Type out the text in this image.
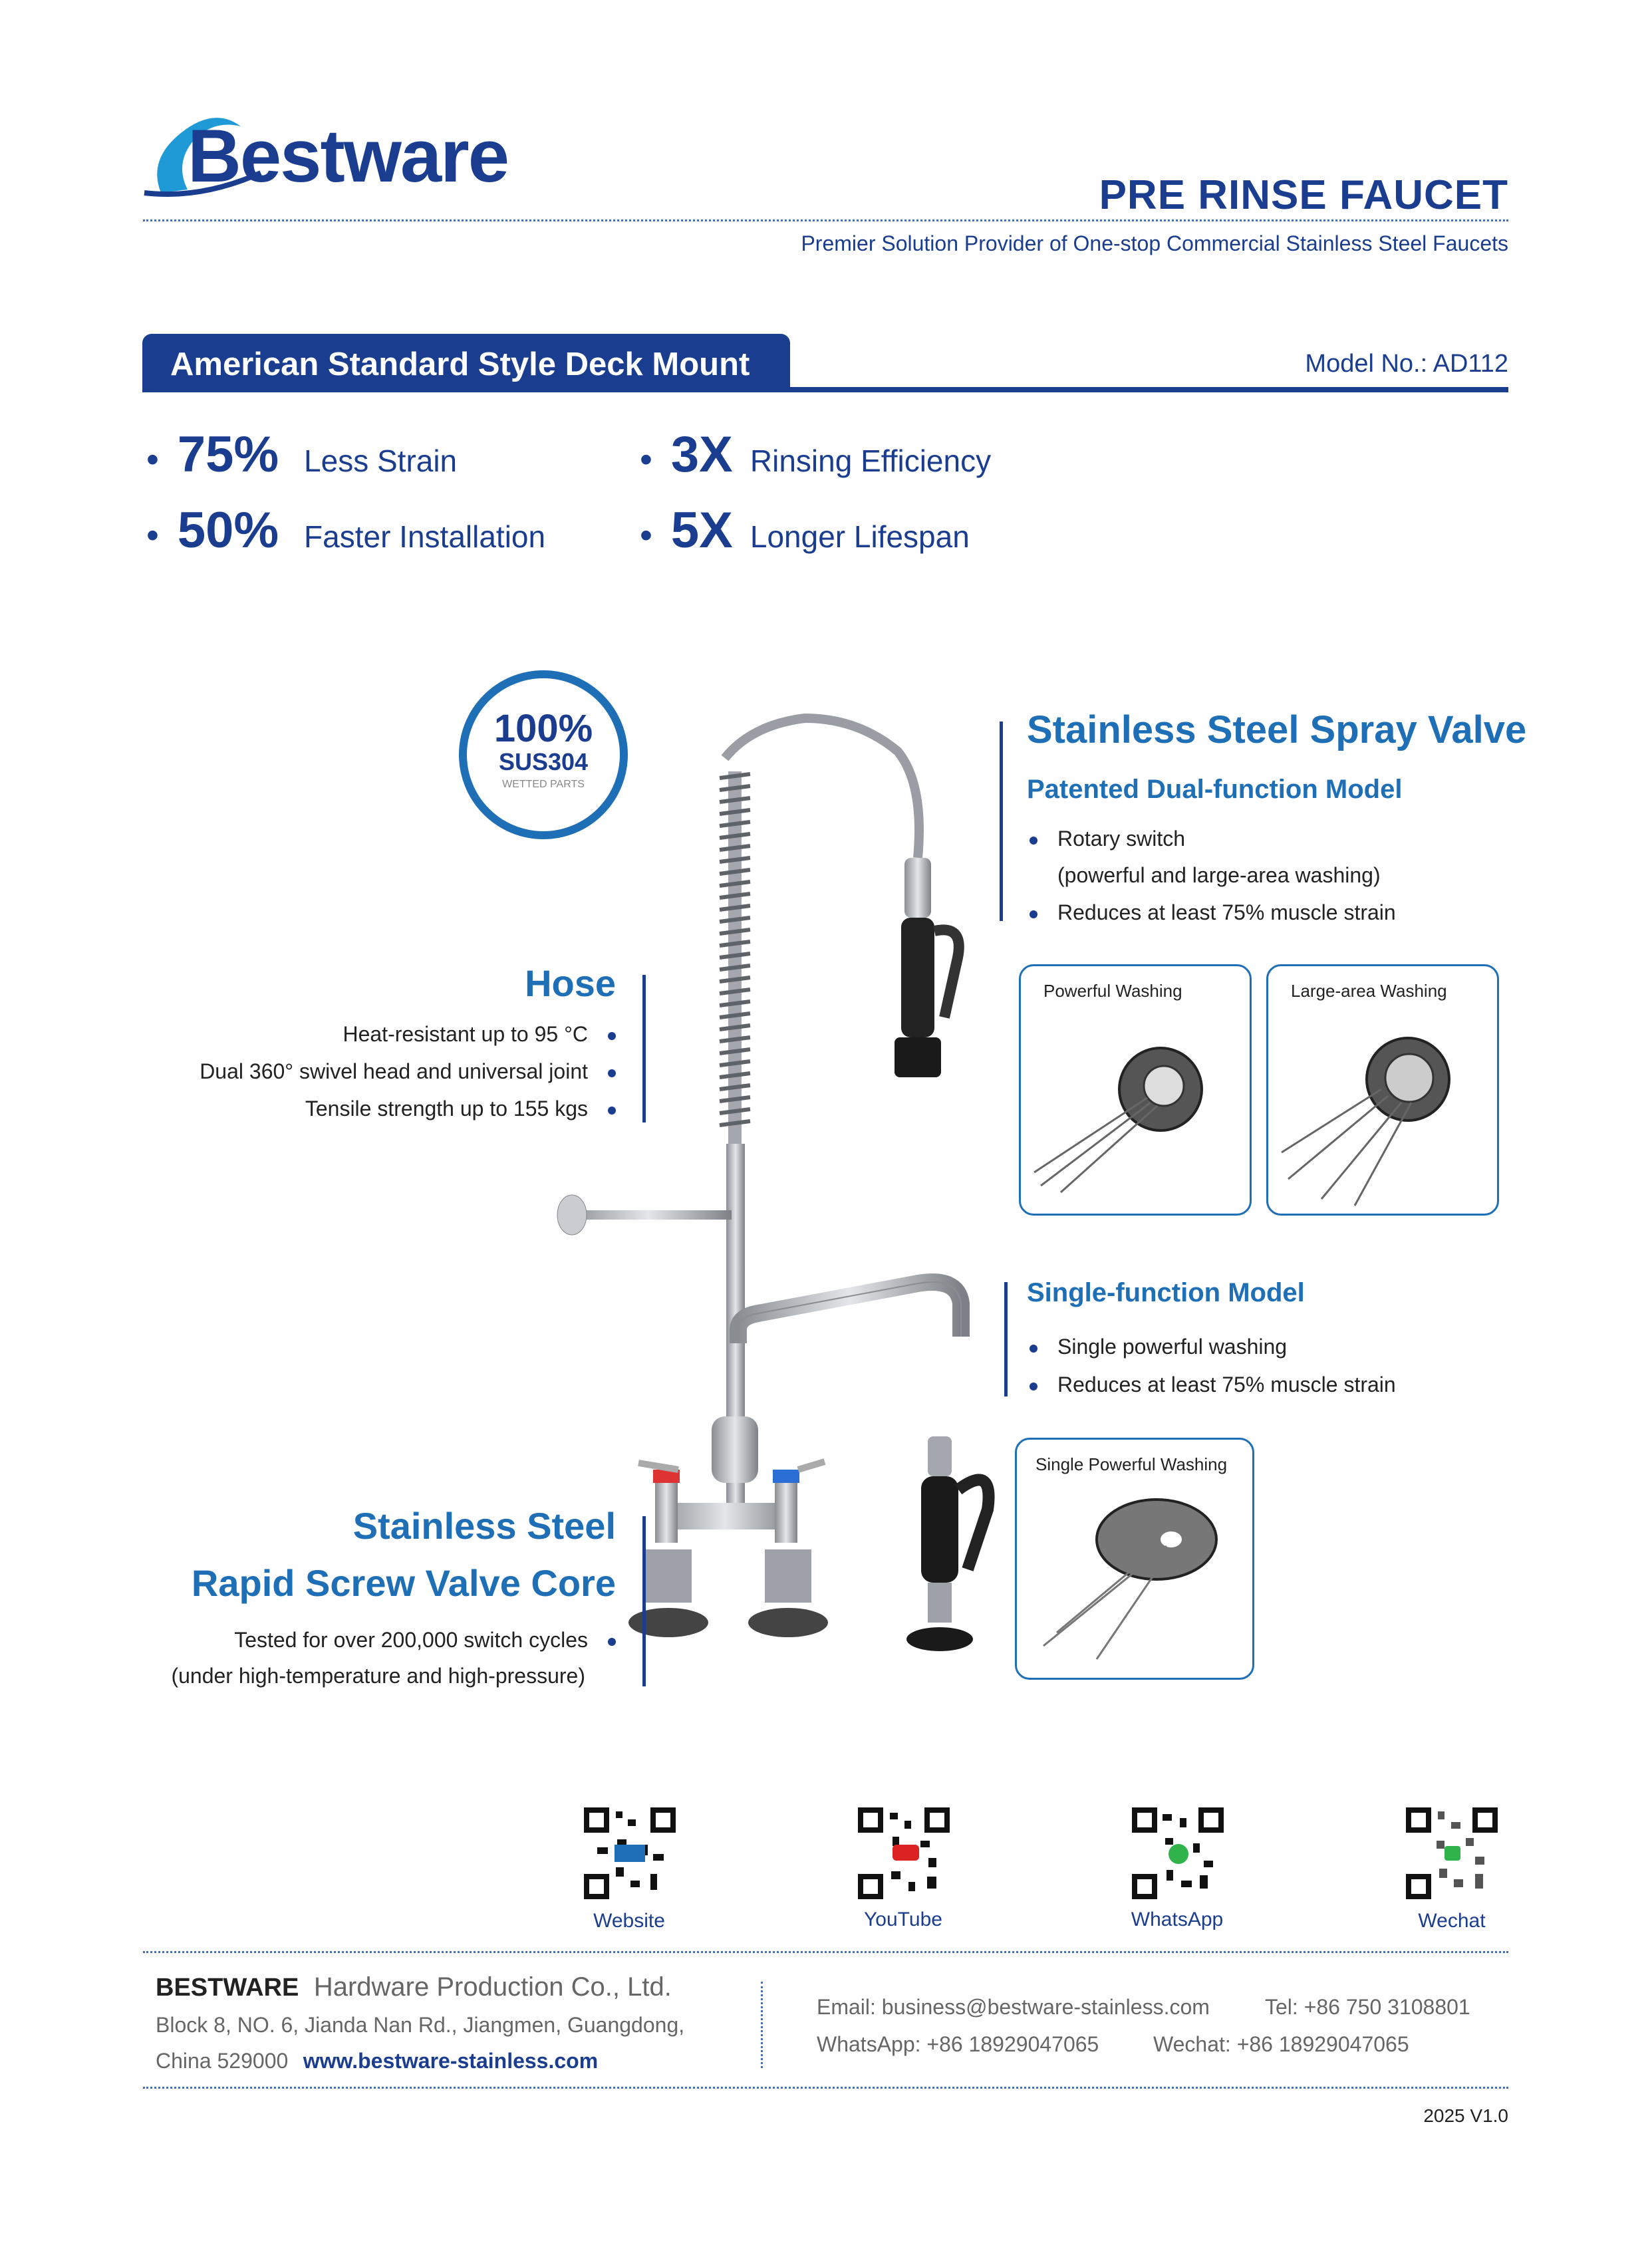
Bestware	PRE RINSE FAUCET
Premier Solution Provider of One-stop Commercial Stainless Steel Faucets
American Standard Style Deck Mount	Model No.: AD112
• 75% Less Strain	• 3X Rinsing Efficiency
• 50% Faster Installation	• 5X Longer Lifespan
100%
SUS304
WETTED PARTS
Stainless Steel Spray Valve
Patented Dual-function Model
Rotary switch
(powerful and large-area washing)
Reduces at least 75% muscle strain
Powerful Washing	Large-area Washing
Hose
Heat-resistant up to 95 °C
Dual 360° swivel head and universal joint
Tensile strength up to 155 kgs
Single-function Model
Single powerful washing
Reduces at least 75% muscle strain
Single Powerful Washing
Stainless Steel
Rapid Screw Valve Core
Tested for over 200,000 switch cycles
(under high-temperature and high-pressure)
Website	YouTube	WhatsApp	Wechat
BESTWARE Hardware Production Co., Ltd.
Block 8, NO. 6, Jianda Nan Rd., Jiangmen, Guangdong,
China 529000 www.bestware-stainless.com
Email: business@bestware-stainless.com	Tel: +86 750 3108801
WhatsApp: +86 18929047065	Wechat: +86 18929047065
2025 V1.0
